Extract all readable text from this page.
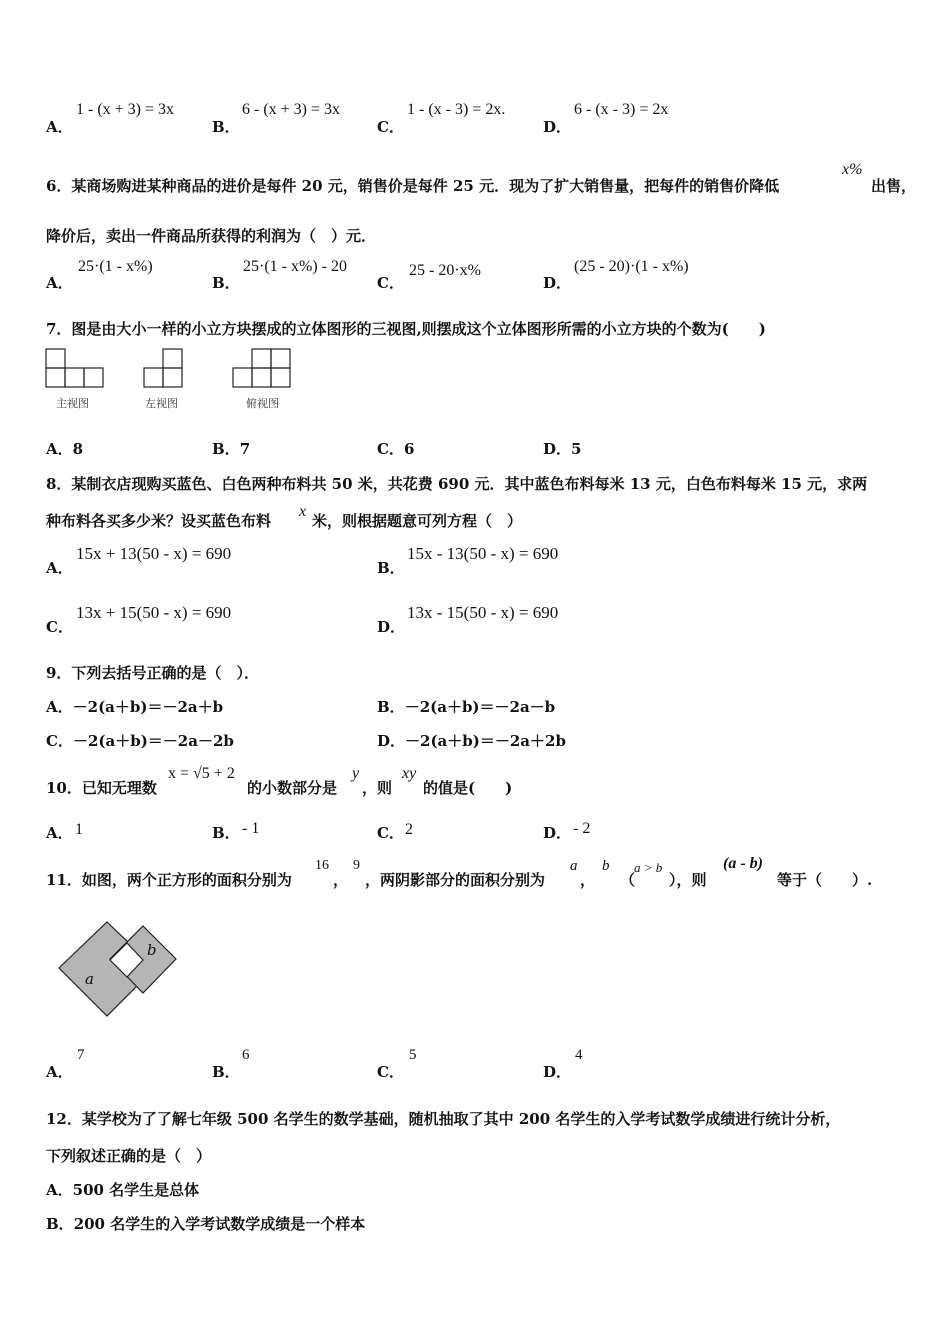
A．
1 - (x + 3) = 3x
B．
6 - (x + 3) = 3x
C．
1 - (x - 3) = 2x.
D．
6 - (x - 3) = 2x
6．某商场购进某种商品的进价是每件 20 元，销售价是每件 25 元．现为了扩大销售量，把每件的销售价降低
x%
出售，
降价后，卖出一件商品所获得的利润为（　）元．
A．
25·(1 - x%)
B．
25·(1 - x%) - 20
C．
25 - 20·x%
D．
(25 - 20)·(1 - x%)
7．图是由大小一样的小立方块摆成的立体图形的三视图,则摆成这个立体图形所需的小立方块的个数为(　　)
主视图	左视图	俯视图
A．8	B．7	C．6	D．5
8．某制衣店现购买蓝色、白色两种布料共 50 米，共花费 690 元．其中蓝色布料每米 13 元，白色布料每米 15 元，求两
种布料各买多少米？设买蓝色布料
x
米，则根据题意可列方程（　）
A．
15x + 13(50 - x) = 690
B．
15x - 13(50 - x) = 690
C．
13x + 15(50 - x) = 690
D．
13x - 15(50 - x) = 690
9．下列去括号正确的是（　）．
A．－2(a＋b)＝－2a＋b	B．－2(a＋b)＝－2a－b
C．－2(a＋b)＝－2a－2b	D．－2(a＋b)＝－2a＋2b
10．已知无理数
x = √5 + 2
的小数部分是
y
，则
xy
的值是(　　)
A． 1	B． - 1	C． 2	D． - 2
11．如图，两个正方形的面积分别为
16
，
9
，两阴影部分的面积分别为
a
，
b
（
a > b
），则
(a - b)
等于（　　）.
a
b
A．
7
B．
6
C．
5
D．
4
12．某学校为了了解七年级 500 名学生的数学基础，随机抽取了其中 200 名学生的入学考试数学成绩进行统计分析，
下列叙述正确的是（　）
A．500 名学生是总体
B．200 名学生的入学考试数学成绩是一个样本
